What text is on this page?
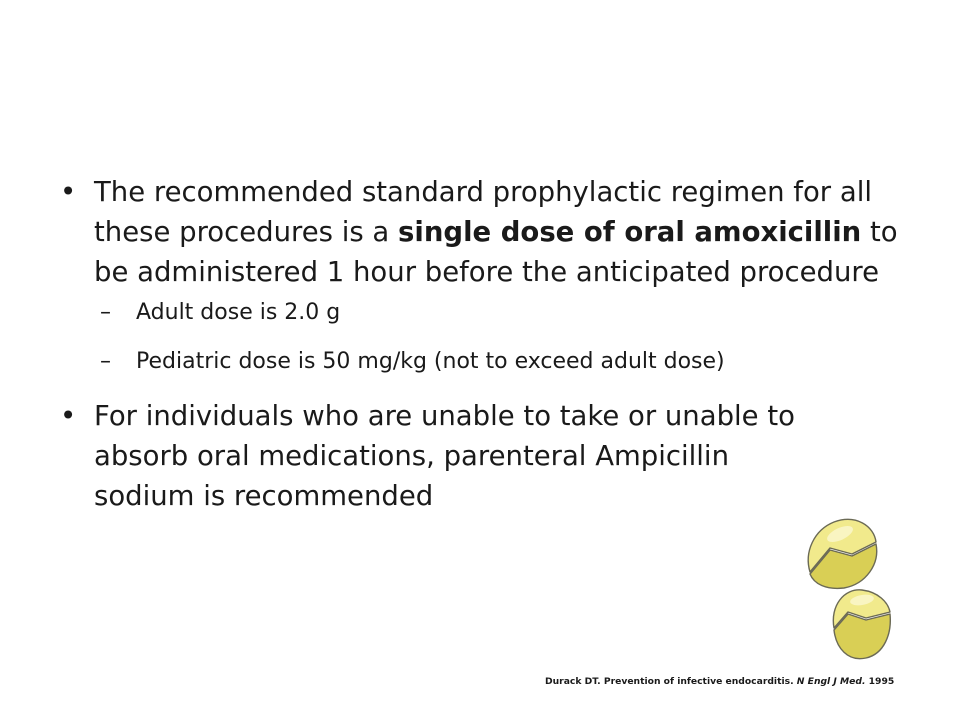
• The recommended standard prophylactic regimen for all these procedures is a single dose of oral amoxicillin to be administered 1 hour before the anticipated procedure
– Adult dose is 2.0 g
– Pediatric dose is 50 mg/kg (not to exceed adult dose)
• For individuals who are unable to take or unable to absorb oral medications, parenteral Ampicillin sodium is recommended
Durack DT. Prevention of infective endocarditis. N Engl J Med. 1995
